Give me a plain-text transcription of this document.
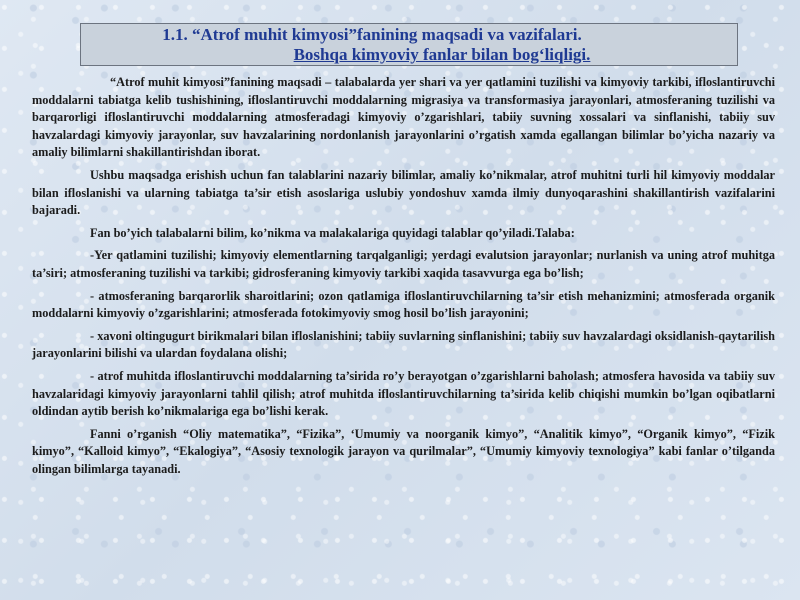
1.1. “Atrof muhit kimyosi”fanining maqsadi va vazifalari.
Boshqa kimyoviy fanlar bilan bog‘liqligi.

“Atrof muhit kimyosi”fanining maqsadi – talabalarda yer shari va yer qatlamini tuzilishi va kimyoviy tarkibi, ifloslantiruvchi moddalarni tabiatga kelib tushishining, ifloslantiruvchi moddalarning migrasiya va transformasiya jarayonlari, atmosferaning tuzilishi va barqarorligi ifloslantiruvchi moddalarning atmosferadagi kimyoviy o’zgarishlari, tabiiy suvning xossalari va sinflanishi, tabiiy suv havzalardagi kimyoviy jarayonlar, suv havzalarining nordonlanish jarayonlarini o’rgatish xamda egallangan bilimlar bo’yicha nazariy va amaliy bilimlarni shakillantirishdan iborat.

Ushbu maqsadga erishish uchun fan talablarini nazariy bilimlar, amaliy ko’nikmalar, atrof muhitni turli hil kimyoviy moddalar bilan ifloslanishi va ularning tabiatga ta’sir etish asoslariga uslubiy yondoshuv xamda ilmiy dunyoqarashini shakillantirish vazifalarini bajaradi.

Fan bo’yich talabalarni bilim, ko’nikma va malakalariga quyidagi talablar qo’yiladi.Talaba:

-Yer qatlamini tuzilishi; kimyoviy elementlarning tarqalganligi; yerdagi evalutsion jarayonlar; nurlanish va uning atrof muhitga ta’siri; atmosferaning tuzilishi va tarkibi; gidrosferaning kimyoviy tarkibi xaqida tasavvurga ega bo’lish;

- atmosferaning barqarorlik sharoitlarini; ozon qatlamiga ifloslantiruvchilarning ta’sir etish mehanizmini; atmosferada organik moddalarni kimyoviy o’zgarishlarini; atmosferada fotokimyoviy smog hosil bo’lish jarayonini;

- xavoni oltingugurt birikmalari bilan ifloslanishini; tabiiy suvlarning sinflanishini; tabiiy suv havzalardagi oksidlanish-qaytarilish jarayonlarini bilishi va ulardan foydalana olishi;

- atrof muhitda ifloslantiruvchi moddalarning ta’sirida ro’y berayotgan o’zgarishlarni baholash; atmosfera havosida va tabiiy suv havzalaridagi kimyoviy jarayonlarni tahlil qilish; atrof muhitda ifloslantiruvchilarning ta’sirida kelib chiqishi mumkin bo’lgan oqibatlarni oldindan aytib berish ko’nikmalariga ega bo’lishi kerak.

Fanni o’rganish “Oliy matematika”, “Fizika”, ‘Umumiy va noorganik kimyo”, “Analitik kimyo”, “Organik kimyo”, “Fizik kimyo”, “Kalloid kimyo”, “Ekalogiya”, “Asosiy texnologik jarayon va qurilmalar”, “Umumiy kimyoviy texnologiya” kabi fanlar o’tilganda olingan bilimlarga tayanadi.
